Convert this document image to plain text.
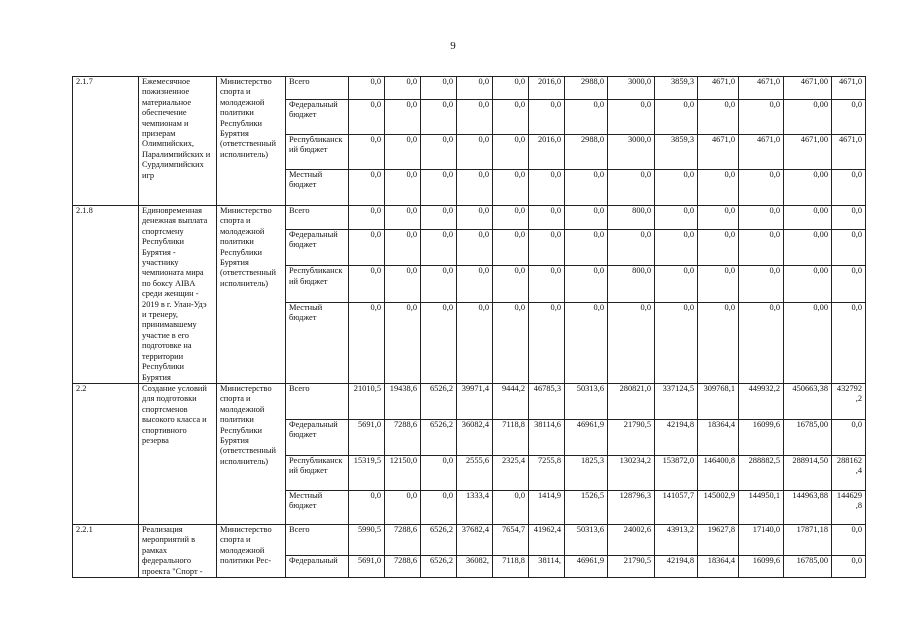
9
2.1.7	Ежемесячное пожизненное материальное обеспечение чемпионам и призерам Олимпийских, Паралимпийских и Сурдлимпийских игр	Министерство спорта и молодежной политики Республики Бурятия (ответственный исполнитель)	Всего	0,0	0,0	0,0	0,0	0,0	2016,0	2988,0	3000,0	3859,3	4671,0	4671,0	4671,00	4671,0
			Федеральный бюджет	0,0	0,0	0,0	0,0	0,0	0,0	0,0	0,0	0,0	0,0	0,0	0,00	0,0
			Республиканский бюджет	0,0	0,0	0,0	0,0	0,0	2016,0	2988,0	3000,0	3859,3	4671,0	4671,0	4671,00	4671,0
			Местный бюджет	0,0	0,0	0,0	0,0	0,0	0,0	0,0	0,0	0,0	0,0	0,0	0,00	0,0
2.1.8	Единовременная денежная выплата спортсмену Республики Бурятия - участнику чемпионата мира по боксу AIBA среди женщин - 2019 в г. Улан-Удэ и тренеру, принимавшему участие в его подготовке на территории Республики Бурятия	Министерство спорта и молодежной политики Республики Бурятия (ответственный исполнитель)	Всего	0,0	0,0	0,0	0,0	0,0	0,0	0,0	800,0	0,0	0,0	0,0	0,00	0,0
			Федеральный бюджет	0,0	0,0	0,0	0,0	0,0	0,0	0,0	0,0	0,0	0,0	0,0	0,00	0,0
			Республиканский бюджет	0,0	0,0	0,0	0,0	0,0	0,0	0,0	800,0	0,0	0,0	0,0	0,00	0,0
			Местный бюджет	0,0	0,0	0,0	0,0	0,0	0,0	0,0	0,0	0,0	0,0	0,0	0,00	0,0
2.2	Создание условий для подготовки спортсменов высокого класса и спортивного резерва	Министерство спорта и молодежной политики Республики Бурятия (ответственный исполнитель)	Всего	21010,5	19438,6	6526,2	39971,4	9444,2	46785,3	50313,6	280821,0	337124,5	309768,1	449932,2	450663,38	432792,2
			Федеральный бюджет	5691,0	7288,6	6526,2	36082,4	7118,8	38114,6	46961,9	21790,5	42194,8	18364,4	16099,6	16785,00	0,0
			Республиканский бюджет	15319,5	12150,0	0,0	2555,6	2325,4	7255,8	1825,3	130234,2	153872,0	146400,8	288882,5	288914,50	288162,4
			Местный бюджет	0,0	0,0	0,0	1333,4	0,0	1414,9	1526,5	128796,3	141057,7	145002,9	144950,1	144963,88	144629,8
2.2.1	Реализация мероприятий в рамках федерального проекта "Спорт -	Министерство спорта и молодежной политики Рес-	Всего	5990,5	7288,6	6526,2	37682,4	7654,7	41962,4	50313,6	24002,6	43913,2	19627,8	17140,0	17871,18	0,0
			Федеральный	5691,0	7288,6	6526,2	36082,	7118,8	38114,	46961,9	21790,5	42194,8	18364,4	16099,6	16785,00	0,0
